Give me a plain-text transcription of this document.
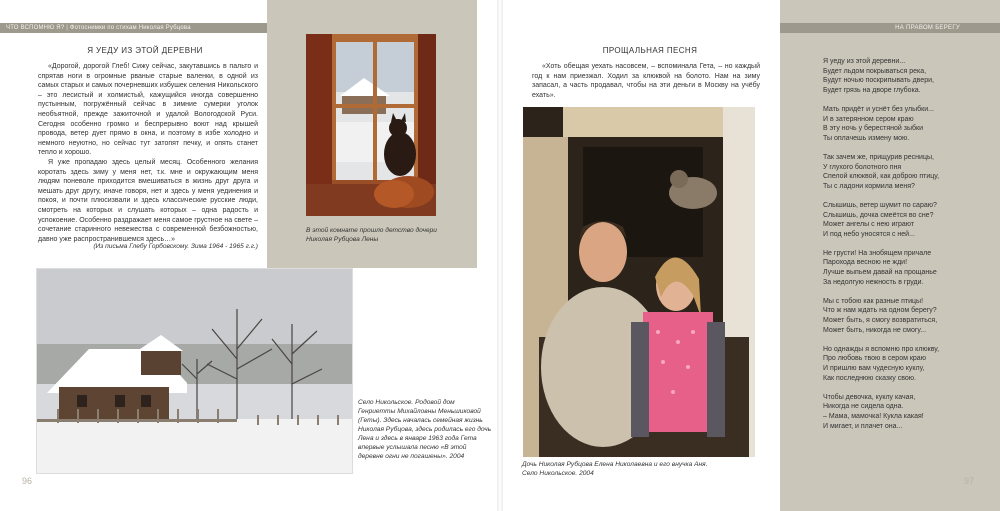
ЧТО ВСПОМНЮ Я? | Фотоснимки по стихам Николая Рубцова	НА ПРАВОМ БЕРЕГУ
Я УЕДУ ИЗ ЭТОЙ ДЕРЕВНИ

«Дорогой, дорогой Глеб! Сижу сейчас, закутавшись в пальто и спрятав ноги в огромные рваные старые валенки, в одной из самых старых и самых почерневших избушек селения Никольского – это лесистый и холмистый, кажущийся иногда совершенно пустынным, погружённый сейчас в зимние сумерки уголок необъятной, прежде зажиточной и удалой Вологодской Руси. Сегодня особенно громко и беспрерывно воют над крышей провода, ветер дует прямо в окна, и поэтому в избе холодно и немного неуютно, но сейчас тут затопят печку, и опять станет тепло и хорошо.

Я уже пропадаю здесь целый месяц. Особенного желания коротать здесь зиму у меня нет, т.к. мне и окружающим меня людям поневоле приходится вмешиваться в жизнь друг друга и мешать друг другу, иначе говоря, нет и здесь у меня уединения и покоя, и почти плюсизвали и здесь классические русские люди, смотреть на которых и слушать которых – одна радость и успокоение. Особенно раздражает меня самое грустное на свете – сочетание старинного невежества с современной безбожностью, давно уже распространившемся здесь…»

(Из письма Глебу Горбовскому. Зима 1964 - 1965 г.г.)
В этой комнате прошло детство дочери Николая Рубцова Лены
Село Никольское. Родовой дом Генриетты Михайловны Меньшиковой (Геты). Здесь началась семейная жизнь Николая Рубцова, здесь родилась его дочь Лена и здесь в январе 1963 года Гета впервые услышала песню «В этой деревне огни не погашены». 2004
ПРОЩАЛЬНАЯ ПЕСНЯ

«Хоть обещая уехать насовсем, – вспоминала Гета, – но каждый год к нам приезжал. Ходил за клюквой на болото. Нам на зиму запасал, а часть продавал, чтобы на эти деньги в Москву на учёбу ехать».

Дочь Николая Рубцова Елена Николаевна и его внучка Аня. Село Никольское. 2004
Я уеду из этой деревни...
Будет льдом покрываться река,
Будут ночью поскрипывать двери,
Будет грязь на дворе глубока.
Мать придёт и уснёт без улыбки...
И в затерянном сером краю
В эту ночь у берестяной зыбки
Ты оплачешь измену мою.
Так зачем же, прищурив ресницы,
У глухого болотного пня
Спелой клюквой, как доброю птицу,
Ты с ладони кормила меня?
Слышишь, ветер шумит по сараю?
Слышишь, дочка смеётся во сне?
Может ангелы с нею играют
И под небо уносятся с ней...
Не грусти! На знобящем причале
Парохода весною не жди!
Лучше выпьем давай на прощанье
За недолгую нежность в груди.
Мы с тобою как разные птицы!
Что ж нам ждать на одном берегу?
Может быть, я смогу возвратиться,
Может быть, никогда не смогу...
Но однажды я вспомню про клюкву,
Про любовь твою в сером краю
И пришлю вам чудесную куклу,
Как последнюю сказку свою.
Чтобы девочка, куклу качая,
Никогда не сидела одна.
– Мама, мамочка! Кукла какая!
И мигает, и плачет она...
96	97
